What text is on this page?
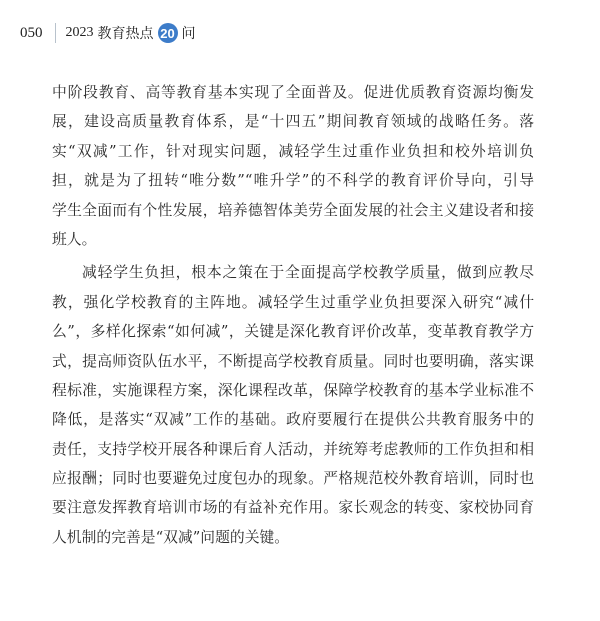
050 2023 教育热点 20 问
中阶段教育、高等教育基本实现了全面普及。促进优质教育资源均衡发
展，建设高质量教育体系，是“十四五”期间教育领域的战略任务。落
实“双减”工作，针对现实问题，减轻学生过重作业负担和校外培训负
担，就是为了扭转“唯分数”“唯升学”的不科学的教育评价导向，引导
学生全面而有个性发展，培养德智体美劳全面发展的社会主义建设者和接
班人。
减轻学生负担，根本之策在于全面提高学校教学质量，做到应教尽
教，强化学校教育的主阵地。减轻学生过重学业负担要深入研究“减什
么”，多样化探索“如何减”，关键是深化教育评价改革，变革教育教学方
式，提高师资队伍水平，不断提高学校教育质量。同时也要明确，落实课
程标准，实施课程方案，深化课程改革，保障学校教育的基本学业标准不
降低，是落实“双减”工作的基础。政府要履行在提供公共教育服务中的
责任，支持学校开展各种课后育人活动，并统筹考虑教师的工作负担和相
应报酬；同时也要避免过度包办的现象。严格规范校外教育培训，同时也
要注意发挥教育培训市场的有益补充作用。家长观念的转变、家校协同育
人机制的完善是“双减”问题的关键。
